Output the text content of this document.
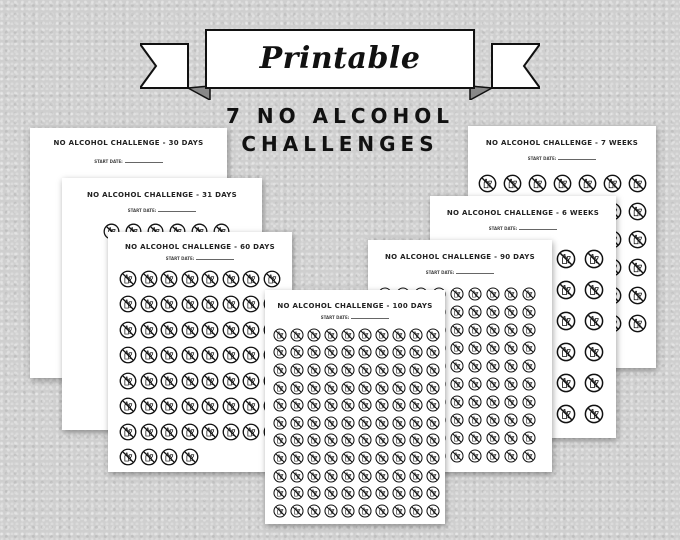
Printable
7 NO ALCOHOL
CHALLENGES
NO ALCOHOL CHALLENGE - 30 DAYS
START DATE:
NO ALCOHOL CHALLENGE - 7 WEEKS
START DATE:
NO ALCOHOL CHALLENGE - 31 DAYS
START DATE:	NO ALCOHOL CHALLENGE - 6 WEEKS
START DATE:
NO ALCOHOL CHALLENGE - 60 DAYS
START DATE:	NO ALCOHOL CHALLENGE - 90 DAYS
START DATE:
NO ALCOHOL CHALLENGE - 100 DAYS
START DATE:
